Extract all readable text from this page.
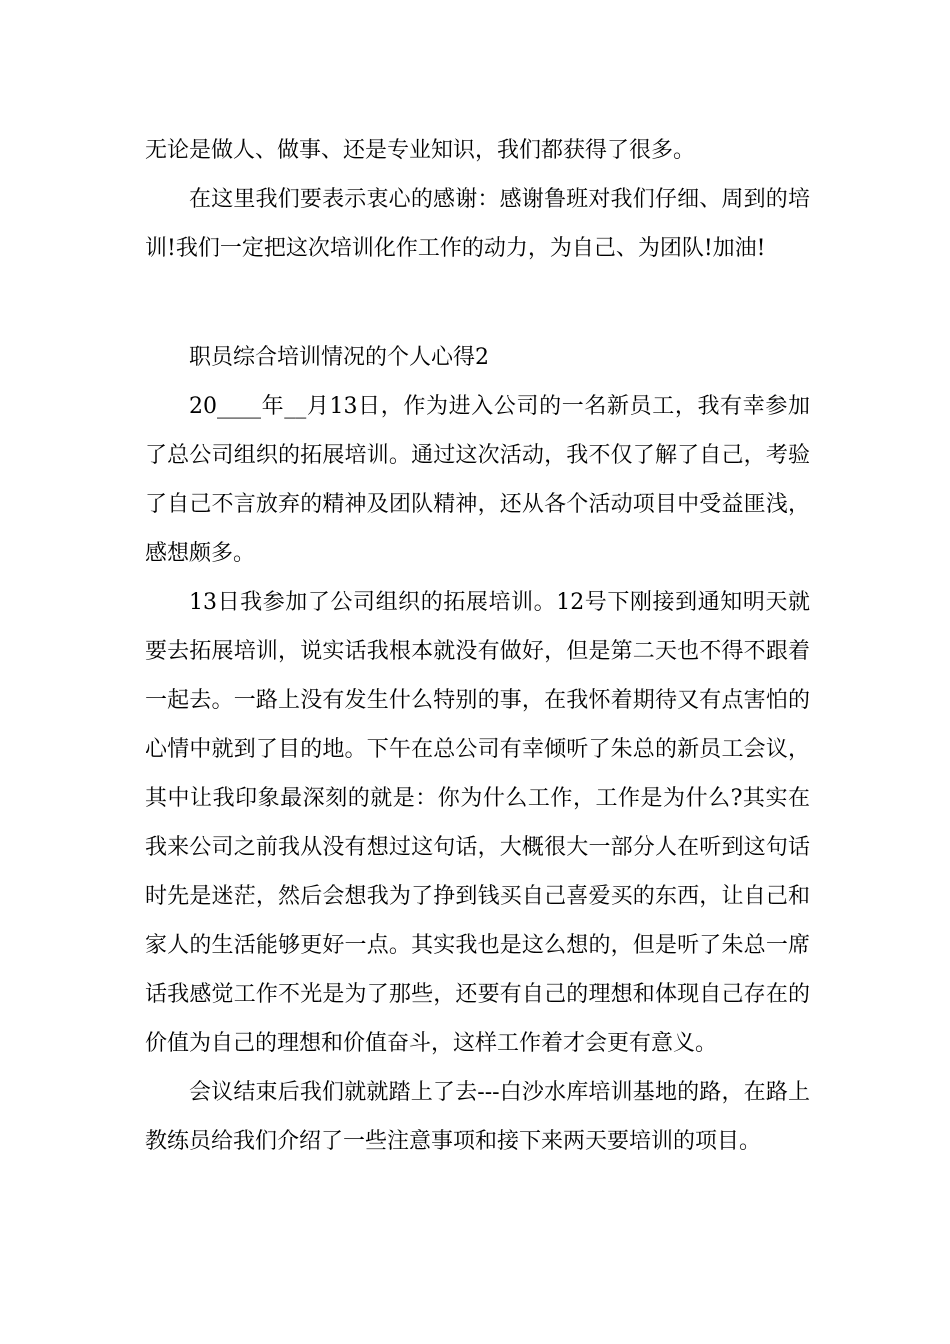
无论是做人、做事、还是专业知识，我们都获得了很多。

在这里我们要表示衷心的感谢：感谢鲁班对我们仔细、周到的培训!我们一定把这次培训化作工作的动力，为自己、为团队!加油!

职员综合培训情况的个人心得2

20____年__月13日，作为进入公司的一名新员工，我有幸参加了总公司组织的拓展培训。通过这次活动，我不仅了解了自己，考验了自己不言放弃的精神及团队精神，还从各个活动项目中受益匪浅，感想颇多。

13日我参加了公司组织的拓展培训。12号下刚接到通知明天就要去拓展培训，说实话我根本就没有做好，但是第二天也不得不跟着一起去。一路上没有发生什么特别的事，在我怀着期待又有点害怕的心情中就到了目的地。下午在总公司有幸倾听了朱总的新员工会议，其中让我印象最深刻的就是：你为什么工作，工作是为什么?其实在我来公司之前我从没有想过这句话，大概很大一部分人在听到这句话时先是迷茫，然后会想我为了挣到钱买自己喜爱买的东西，让自己和家人的生活能够更好一点。其实我也是这么想的，但是听了朱总一席话我感觉工作不光是为了那些，还要有自己的理想和体现自己存在的价值为自己的理想和价值奋斗，这样工作着才会更有意义。

会议结束后我们就就踏上了去---白沙水库培训基地的路，在路上教练员给我们介绍了一些注意事项和接下来两天要培训的项目。
